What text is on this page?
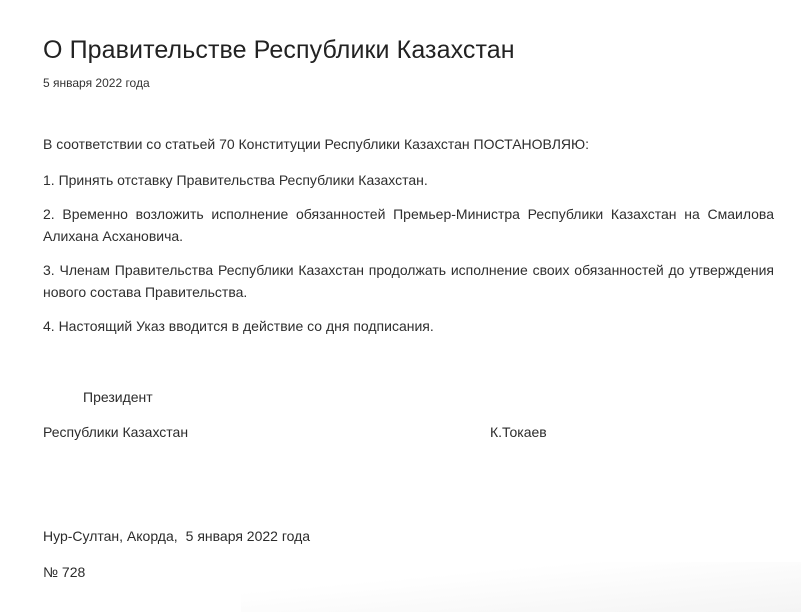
О Правительстве Республики Казахстан
5 января 2022 года

В соответствии со статьей 70 Конституции Республики Казахстан ПОСТАНОВЛЯЮ:

1. Принять отставку Правительства Республики Казахстан.

2. Временно возложить исполнение обязанностей Премьер-Министра Республики Казахстан на Смаилова Алихана Асхановича.

3. Членам Правительства Республики Казахстан продолжать исполнение своих обязанностей до утверждения нового состава Правительства.

4. Настоящий Указ вводится в действие со дня подписания.

Президент
Республики Казахстан	К.Токаев
Нур-Султан, Акорда, 5 января 2022 года
№ 728
